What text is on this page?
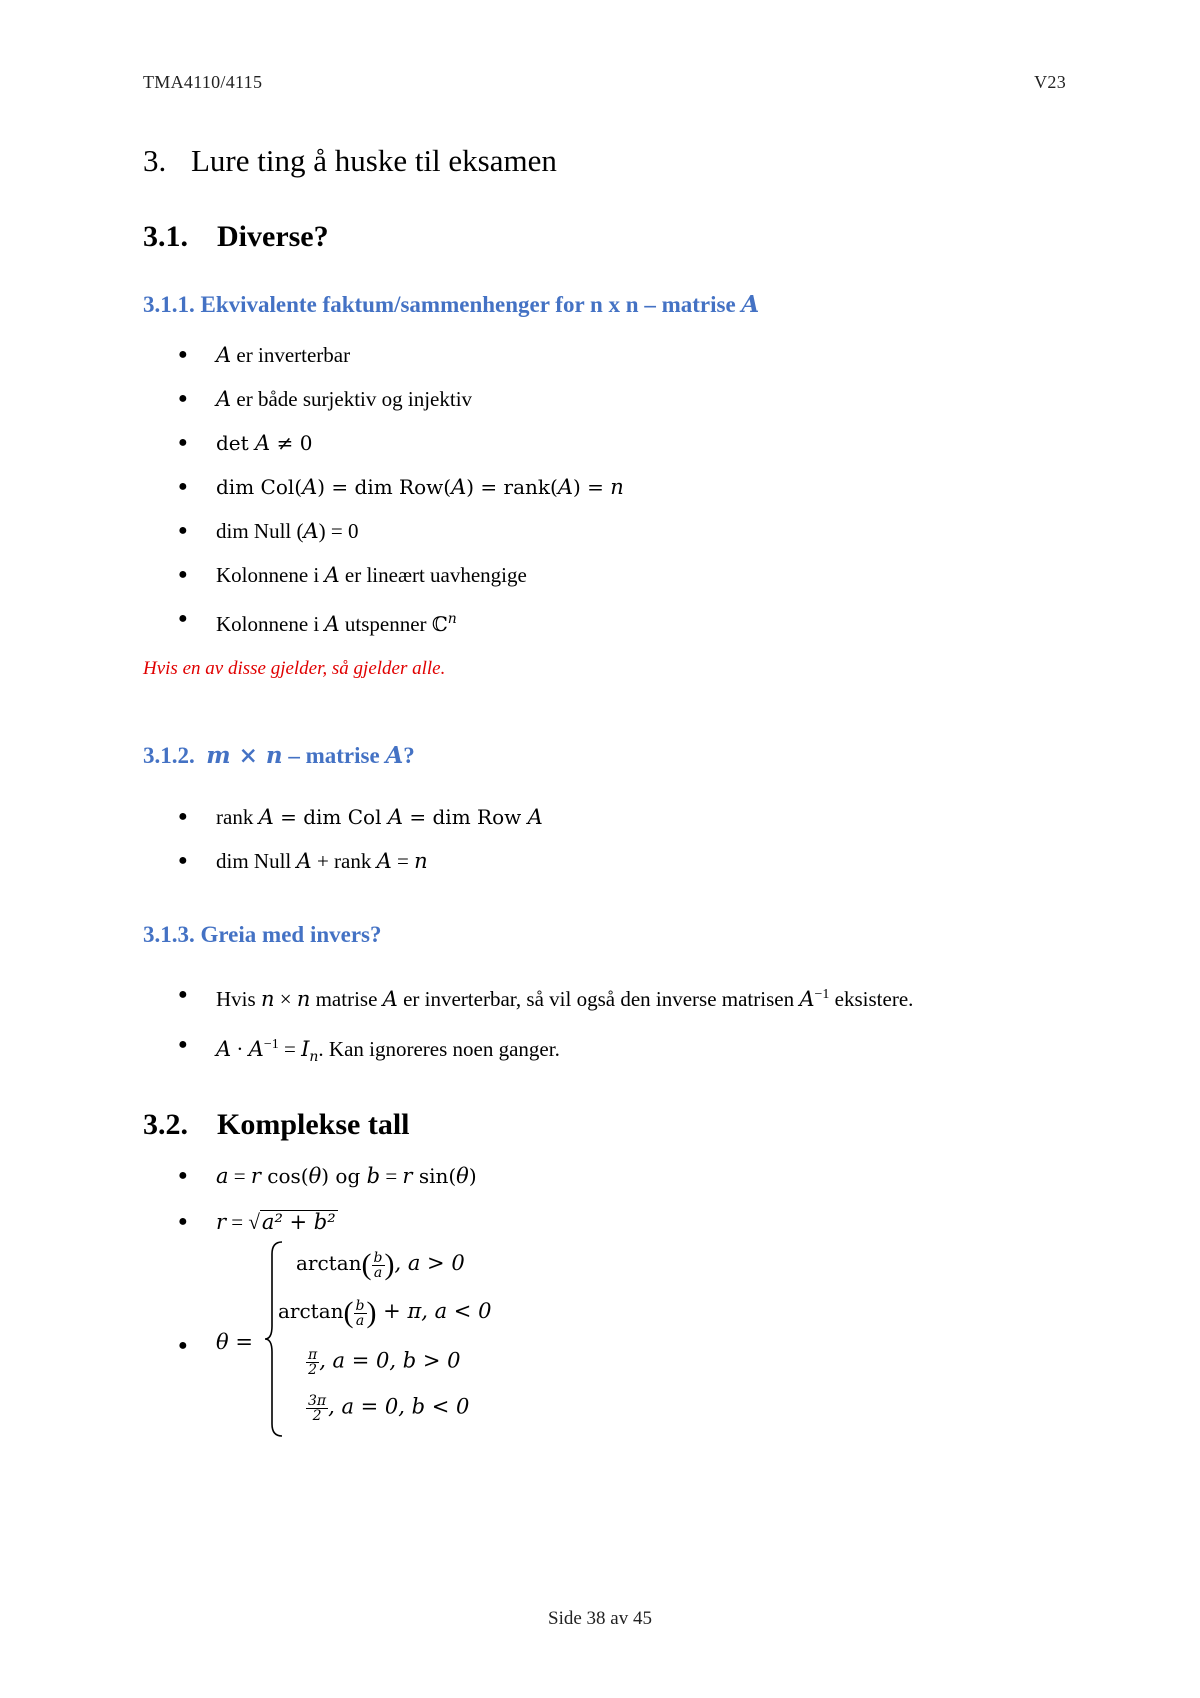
TMA4110/4115	V23
3. Lure ting å huske til eksamen
3.1. Diverse?
3.1.1. Ekvivalente faktum/sammenhenger for n x n – matrise A
● A er inverterbar
● A er både surjektiv og injektiv
● det A ≠ 0
● dim Col(A) = dim Row(A) = rank(A) = n
● dim Null (A) = 0
● Kolonnene i A er lineært uavhengige
● Kolonnene i A utspenner ℂ$^n$
Hvis en av disse gjelder, så gjelder alle.
3.1.2. m × n – matrise A?
● rank A = dim Col A = dim Row A
● dim Null A + rank A = n
3.1.3. Greia med invers?
● Hvis n × n matrise A er inverterbar, så vil også den inverse matrisen $A^{-1}$ eksistere.
● $A \cdot A^{-1} = I_n$. Kan ignoreres noen ganger.
3.2. Komplekse tall
● a = r cos(θ) og b = r sin(θ)
● r = √a² + b²
● θ =
$\arctan( \frac{b}{a}$ ), a > 0
$\arctan( \frac{b}{a}$ ) + π, a < 0
$\frac{\pi}{2}$ , a = 0, b > 0
$\frac{3\pi}{2}$ , a = 0, b < 0
Side 38 av 45
